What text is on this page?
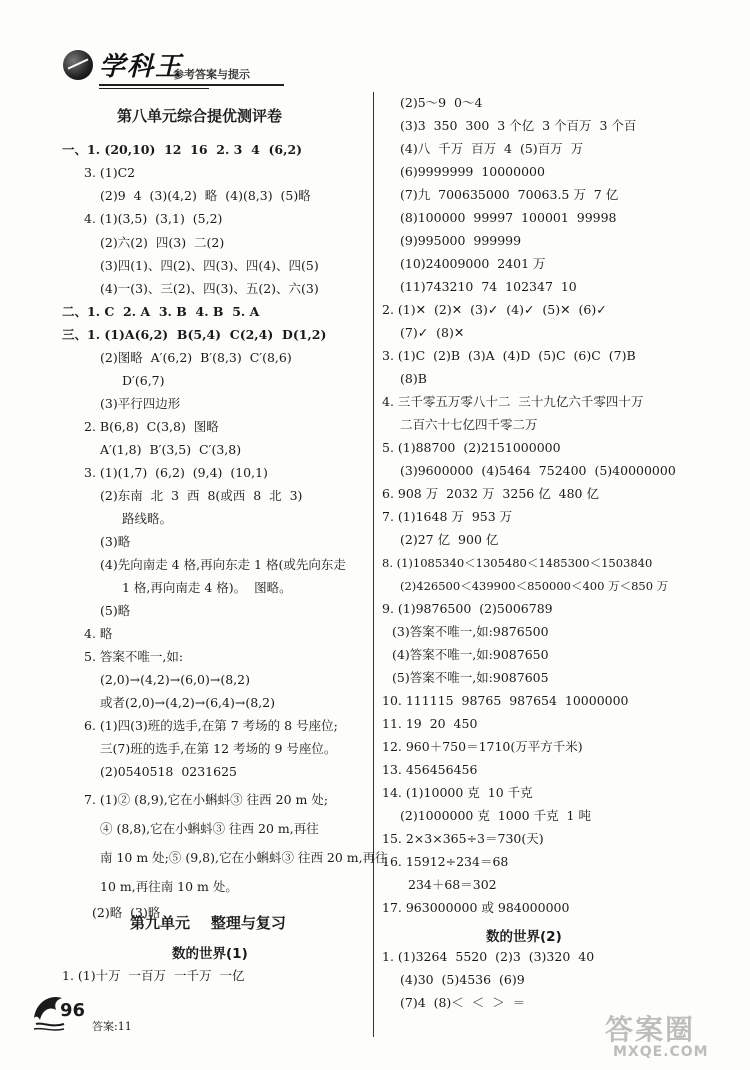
学科王
参考答案与提示
第八单元综合提优测评卷
一、1. (20,10)  12  16  2. 3  4  (6,2)
3. (1)C2
(2)9  4  (3)(4,2)  略  (4)(8,3)  (5)略
4. (1)(3,5)  (3,1)  (5,2)
(2)六(2)  四(3)  二(2)
(3)四(1)、四(2)、四(3)、四(4)、四(5)
(4)一(3)、三(2)、四(3)、五(2)、六(3)
二、1. C  2. A  3. B  4. B  5. A
三、1. (1)A(6,2)  B(5,4)  C(2,4)  D(1,2)
(2)图略  A′(6,2)  B′(8,3)  C′(8,6)
D′(6,7)
(3)平行四边形
2. B(6,8)  C(3,8)  图略
A′(1,8)  B′(3,5)  C′(3,8)
3. (1)(1,7)  (6,2)  (9,4)  (10,1)
(2)东南  北  3  西  8(或西  8  北  3)
路线略。
(3)略
(4)先向南走 4 格,再向东走 1 格(或先向东走
1 格,再向南走 4 格)。  图略。
(5)略
4. 略
5. 答案不唯一,如:
(2,0)→(4,2)→(6,0)→(8,2)
或者(2,0)→(4,2)→(6,4)→(8,2)
6. (1)四(3)班的选手,在第 7 考场的 8 号座位;
三(7)班的选手,在第 12 考场的 9 号座位。
(2)0540518  0231625
7. (1)② (8,9),它在小蝌蚪③ 往西 20 m 处;
④ (8,8),它在小蝌蚪③ 往西 20 m,再往
南 10 m 处;⑤ (9,8),它在小蝌蚪③ 往西 20 m,再往
10 m,再往南 10 m 处。
(2)略  (3)略
第九单元    整理与复习
数的世界(1)
1. (1)十万  一百万  一千万  一亿
(2)5～9  0～4
(3)3  350  300  3 个亿  3 个百万  3 个百
(4)八  千万  百万  4  (5)百万  万
(6)9999999  10000000
(7)九  700635000  70063.5 万  7 亿
(8)100000  99997  100001  99998
(9)995000  999999
(10)24009000  2401 万
(11)743210  74  102347  10
2. (1)✕  (2)✕  (3)✓  (4)✓  (5)✕  (6)✓
(7)✓  (8)✕
3. (1)C  (2)B  (3)A  (4)D  (5)C  (6)C  (7)B
(8)B
4. 三千零五万零八十二  三十九亿六千零四十万
二百六十七亿四千零二万
5. (1)88700  (2)2151000000
(3)9600000  (4)5464  752400  (5)40000000
6. 908 万  2032 万  3256 亿  480 亿
7. (1)1648 万  953 万
(2)27 亿  900 亿
8. (1)1085340＜1305480＜1485300＜1503840
(2)426500＜439900＜850000＜400 万＜850 万
9. (1)9876500  (2)5006789
(3)答案不唯一,如:9876500
(4)答案不唯一,如:9087650
(5)答案不唯一,如:9087605
10. 111115  98765  987654  10000000
11. 19  20  450
12. 960＋750＝1710(万平方千米)
13. 456456456
14. (1)10000 克  10 千克
(2)1000000 克  1000 千克  1 吨
15. 2×3×365÷3＝730(天)
16. 15912÷234＝68
234＋68＝302
17. 963000000 或 984000000
数的世界(2)
1. (1)3264  5520  (2)3  (3)320  40
(4)30  (5)4536  (6)9
(7)4  (8)＜  ＜  ＞  ＝
96
答案:11	答案圈
MXQE.COM
